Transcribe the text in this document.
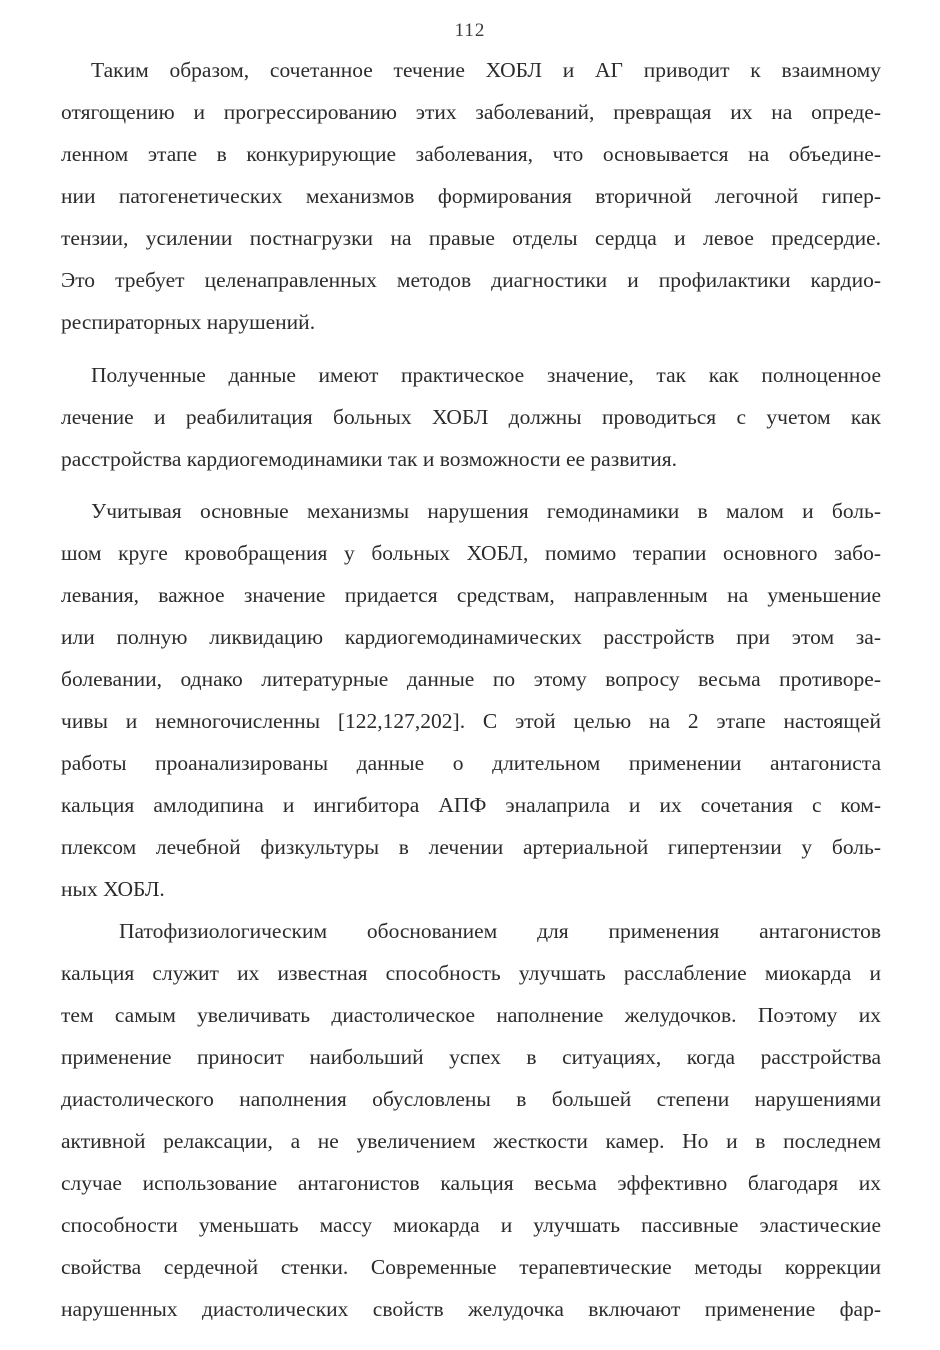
112
Таким образом, сочетанное течение ХОБЛ и АГ приводит к взаимному
отягощению и прогрессированию этих заболеваний, превращая их на опреде-
ленном этапе в конкурирующие заболевания, что основывается на объедине-
нии патогенетических механизмов формирования вторичной легочной гипер-
тензии, усилении постнагрузки на правые отделы сердца и левое предсердие.
Это требует целенаправленных методов диагностики и профилактики кардио-
респираторных нарушений.
Полученные данные имеют практическое значение, так как полноценное
лечение и реабилитация больных ХОБЛ должны проводиться с учетом как
расстройства кардиогемодинамики так и возможности ее развития.
Учитывая основные механизмы нарушения гемодинамики в малом и боль-
шом круге кровобращения у больных ХОБЛ, помимо терапии основного забо-
левания, важное значение придается средствам, направленным на уменьшение
или полную ликвидацию кардиогемодинамических расстройств при этом за-
болевании, однако литературные данные по этому вопросу весьма противоре-
чивы и немногочисленны [122,127,202]. С этой целью на 2 этапе настоящей
работы проанализированы данные о длительном применении антагониста
кальция амлодипина и ингибитора АПФ эналаприла и их сочетания с ком-
плексом лечебной физкультуры в лечении артериальной гипертензии у боль-
ных ХОБЛ.
Патофизиологическим обоснованием для применения антагонистов
кальция служит их известная способность улучшать расслабление миокарда и
тем самым увеличивать диастолическое наполнение желудочков. Поэтому их
применение приносит наибольший успех в ситуациях, когда расстройства
диастолического наполнения обусловлены в большей степени нарушениями
активной релаксации, а не увеличением жесткости камер. Но и в последнем
случае использование антагонистов кальция весьма эффективно благодаря их
способности уменьшать массу миокарда и улучшать пассивные эластические
свойства сердечной стенки. Современные терапевтические методы коррекции
нарушенных диастолических свойств желудочка включают применение фар-
